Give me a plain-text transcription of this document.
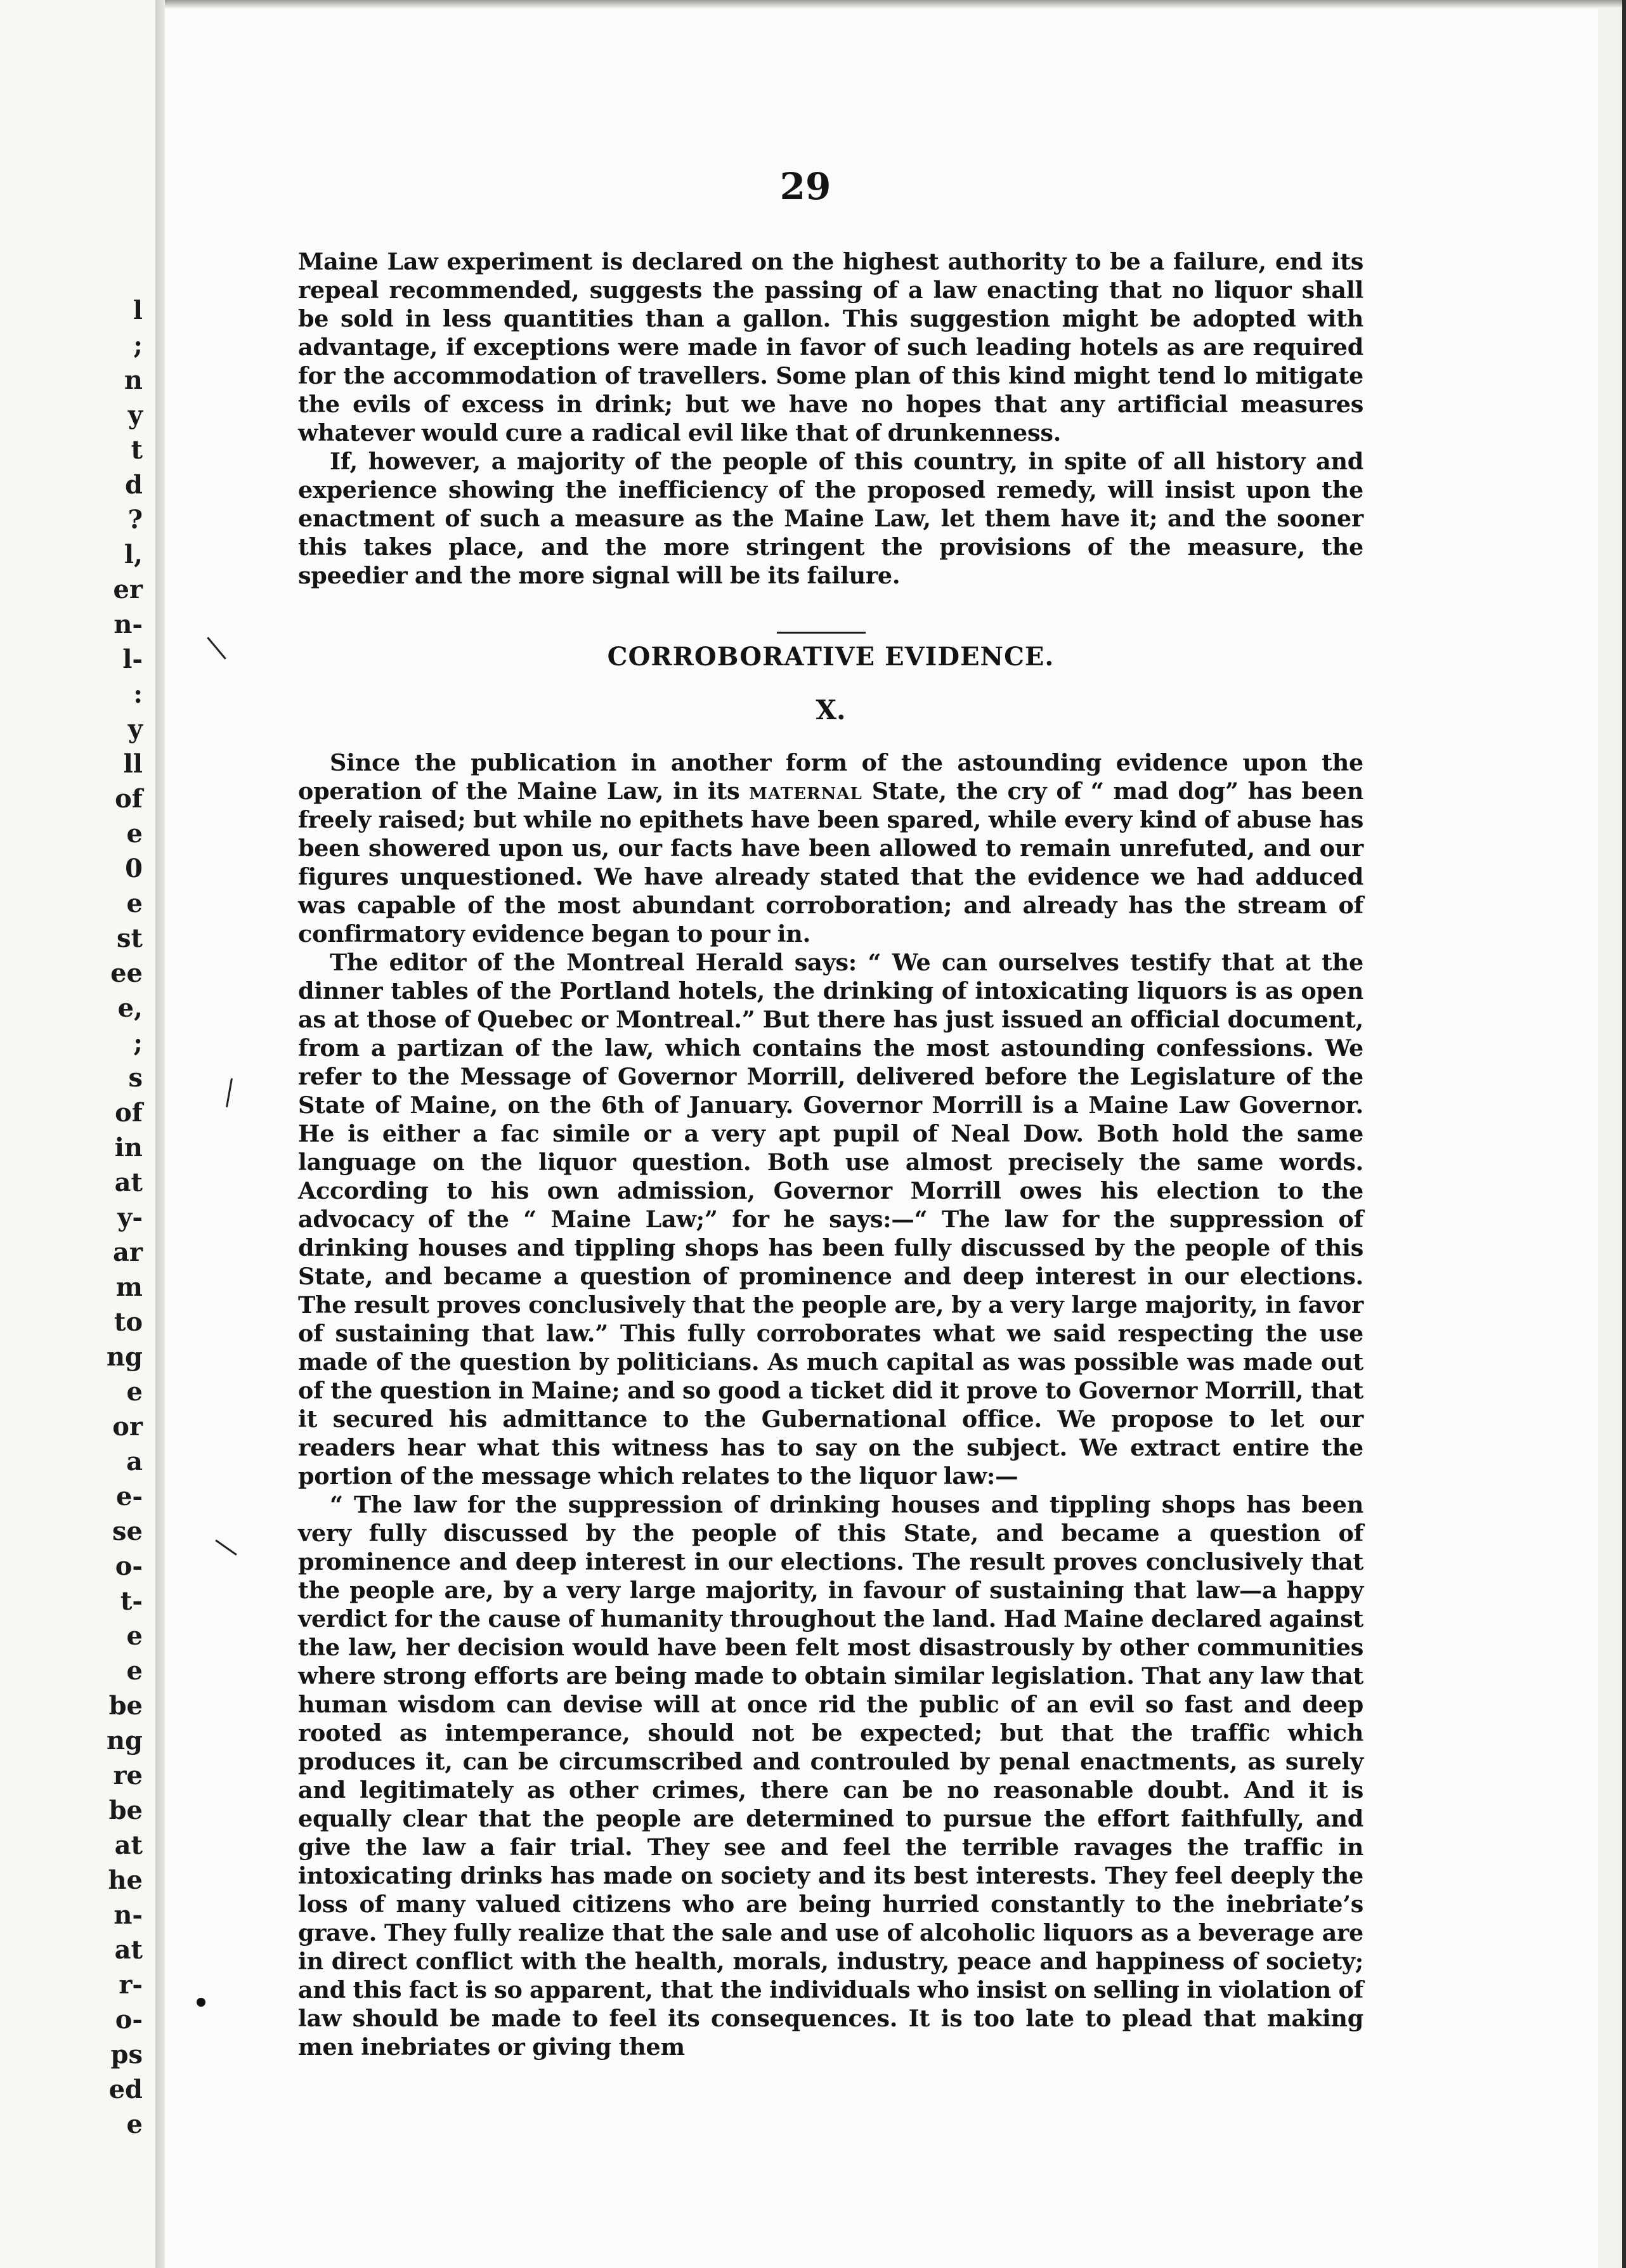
l
;
n
y
t
d
?
l,
er
n-
l-
:
y
ll
of
e
0
e
st
ee
e,
;
s
of
in
at
y-
ar
m
to
ng
e
or
a
e-
se
o-
t-
e
e
be
ng
re
be
at
he
n-
at
r-
o-
ps
ed
e
29

Maine Law experiment is declared on the highest authority to be a failure, end its repeal recommended, suggests the passing of a law enacting that no liquor shall be sold in less quantities than a gallon. This suggestion might be adopted with advantage, if exceptions were made in favor of such leading hotels as are required for the accommodation of travellers. Some plan of this kind might tend lo mitigate the evils of excess in drink; but we have no hopes that any artificial measures whatever would cure a radical evil like that of drunkenness.

If, however, a majority of the people of this country, in spite of all history and experience showing the inefficiency of the proposed remedy, will insist upon the enactment of such a measure as the Maine Law, let them have it; and the sooner this takes place, and the more stringent the provisions of the measure, the speedier and the more signal will be its failure.

CORROBORATIVE EVIDENCE.
X.

Since the publication in another form of the astounding evidence upon the operation of the Maine Law, in its maternal State, the cry of “ mad dog” has been freely raised; but while no epithets have been spared, while every kind of abuse has been showered upon us, our facts have been allowed to remain unrefuted, and our figures unquestioned. We have already stated that the evidence we had adduced was capable of the most abundant corroboration; and already has the stream of confirmatory evidence began to pour in.

The editor of the Montreal Herald says: “ We can ourselves testify that at the dinner tables of the Portland hotels, the drinking of intoxicating liquors is as open as at those of Quebec or Montreal.” But there has just issued an official document, from a partizan of the law, which contains the most astounding confessions. We refer to the Message of Governor Morrill, delivered before the Legislature of the State of Maine, on the 6th of January. Governor Morrill is a Maine Law Governor. He is either a fac simile or a very apt pupil of Neal Dow. Both hold the same language on the liquor question. Both use almost precisely the same words. According to his own admission, Governor Morrill owes his election to the advocacy of the “ Maine Law;” for he says:—“ The law for the suppression of drinking houses and tippling shops has been fully discussed by the people of this State, and became a question of prominence and deep interest in our elections. The result proves conclusively that the people are, by a very large majority, in favor of sustaining that law.” This fully corroborates what we said respecting the use made of the question by politicians. As much capital as was possible was made out of the question in Maine; and so good a ticket did it prove to Governor Morrill, that it secured his admittance to the Gubernational office. We propose to let our readers hear what this witness has to say on the subject. We extract entire the portion of the message which relates to the liquor law:—

“ The law for the suppression of drinking houses and tippling shops has been very fully discussed by the people of this State, and became a question of prominence and deep interest in our elections. The result proves conclusively that the people are, by a very large majority, in favour of sustaining that law—a happy verdict for the cause of humanity throughout the land. Had Maine declared against the law, her decision would have been felt most disastrously by other communities where strong efforts are being made to obtain similar legislation. That any law that human wisdom can devise will at once rid the public of an evil so fast and deep rooted as intemperance, should not be expected; but that the traffic which produces it, can be circumscribed and controuled by penal enactments, as surely and legitimately as other crimes, there can be no reasonable doubt. And it is equally clear that the people are determined to pursue the effort faithfully, and give the law a fair trial. They see and feel the terrible ravages the traffic in intoxicating drinks has made on society and its best interests. They feel deeply the loss of many valued citizens who are being hurried constantly to the inebriate’s grave. They fully realize that the sale and use of alcoholic liquors as a beverage are in direct conflict with the health, morals, industry, peace and happiness of society; and this fact is so apparent, that the individuals who insist on selling in violation of law should be made to feel its consequences. It is too late to plead that making men inebriates or giving them
